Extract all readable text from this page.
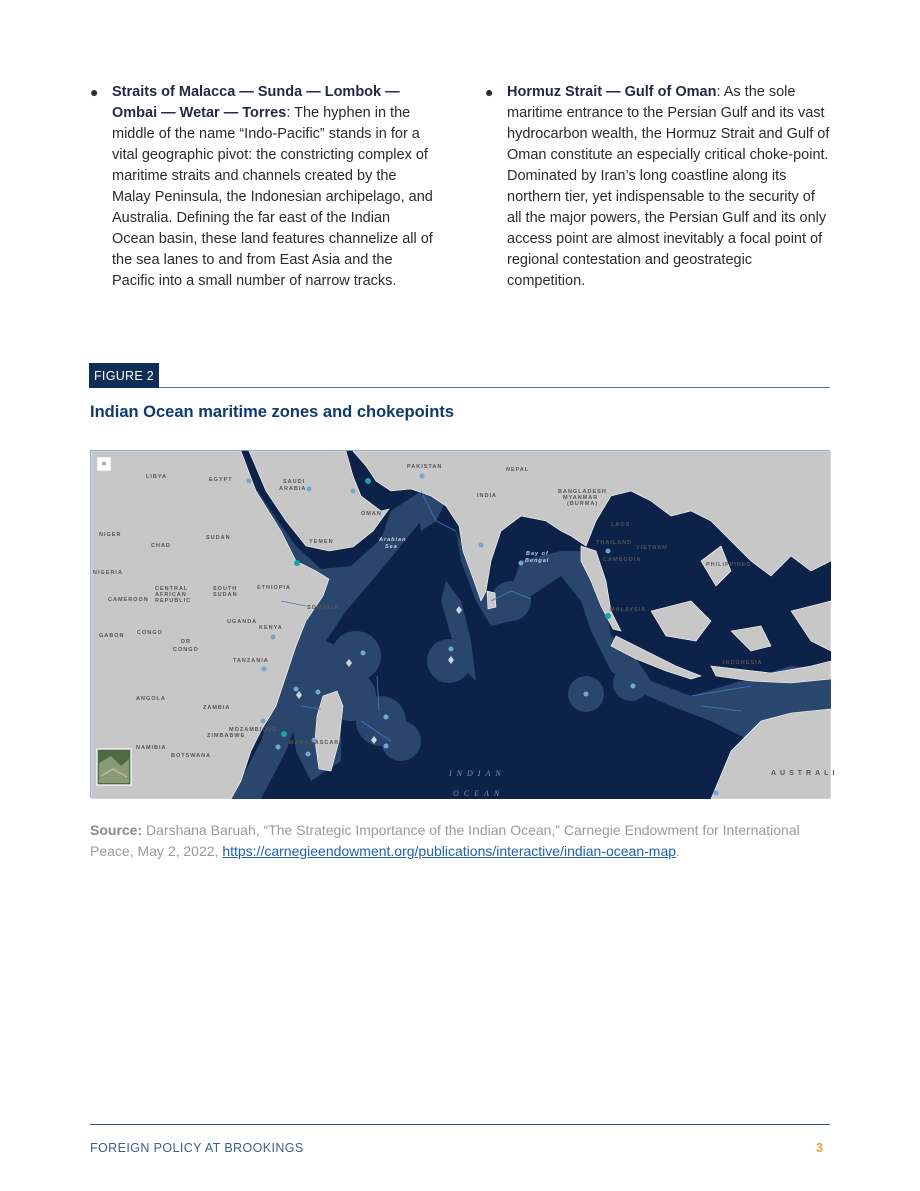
● Straits of Malacca — Sunda — Lombok — Ombai — Wetar — Torres: The hyphen in the middle of the name “Indo-Pacific” stands in for a vital geographic pivot: the constricting complex of maritime straits and channels created by the Malay Peninsula, the Indonesian archipelago, and Australia. Defining the far east of the Indian Ocean basin, these land features channelize all of the sea lanes to and from East Asia and the Pacific into a small number of narrow tracks.
● Hormuz Strait — Gulf of Oman: As the sole maritime entrance to the Persian Gulf and its vast hydrocarbon wealth, the Hormuz Strait and Gulf of Oman constitute an especially critical choke-point. Dominated by Iran’s long coastline along its northern tier, yet indispensable to the security of all the major powers, the Persian Gulf and its only access point are almost inevitably a focal point of regional contestation and geostrategic competition.
FIGURE 2
Indian Ocean maritime zones and chokepoints
LIBYA	EGYPT	SAUDI
ARABIA
PAKISTAN	NEPAL
INDIA
BANGLADESH
MYANMAR
(BURMA)
NIGER
CHAD
SUDAN
YEMEN
OMAN
LAOS
THAILAND
VIETNAM
CAMBODIA
PHILIPPINES
NIGERIA
CENTRAL
AFRICAN
REPUBLIC
SOUTH
SUDAN
ETHIOPIA
CAMEROON
SOMALIA	MALAYSIA
GABON CONGO
UGANDA
KENYA
DR
CONGO
TANZANIA	INDONESIA
ANGOLA
ZAMBIA
MOZAMBIQUE
ZIMBABWE
MADAGASCAR
NAMIBIA
BOTSWANA
AUSTRALI
Arabian
Sea
Bay of
Bengal
INDIAN
OCEAN
Source: Darshana Baruah, “The Strategic Importance of the Indian Ocean,” Carnegie Endowment for International Peace, May 2, 2022, https://carnegieendowment.org/publications/interactive/indian-ocean-map.
FOREIGN POLICY AT BROOKINGS	3
